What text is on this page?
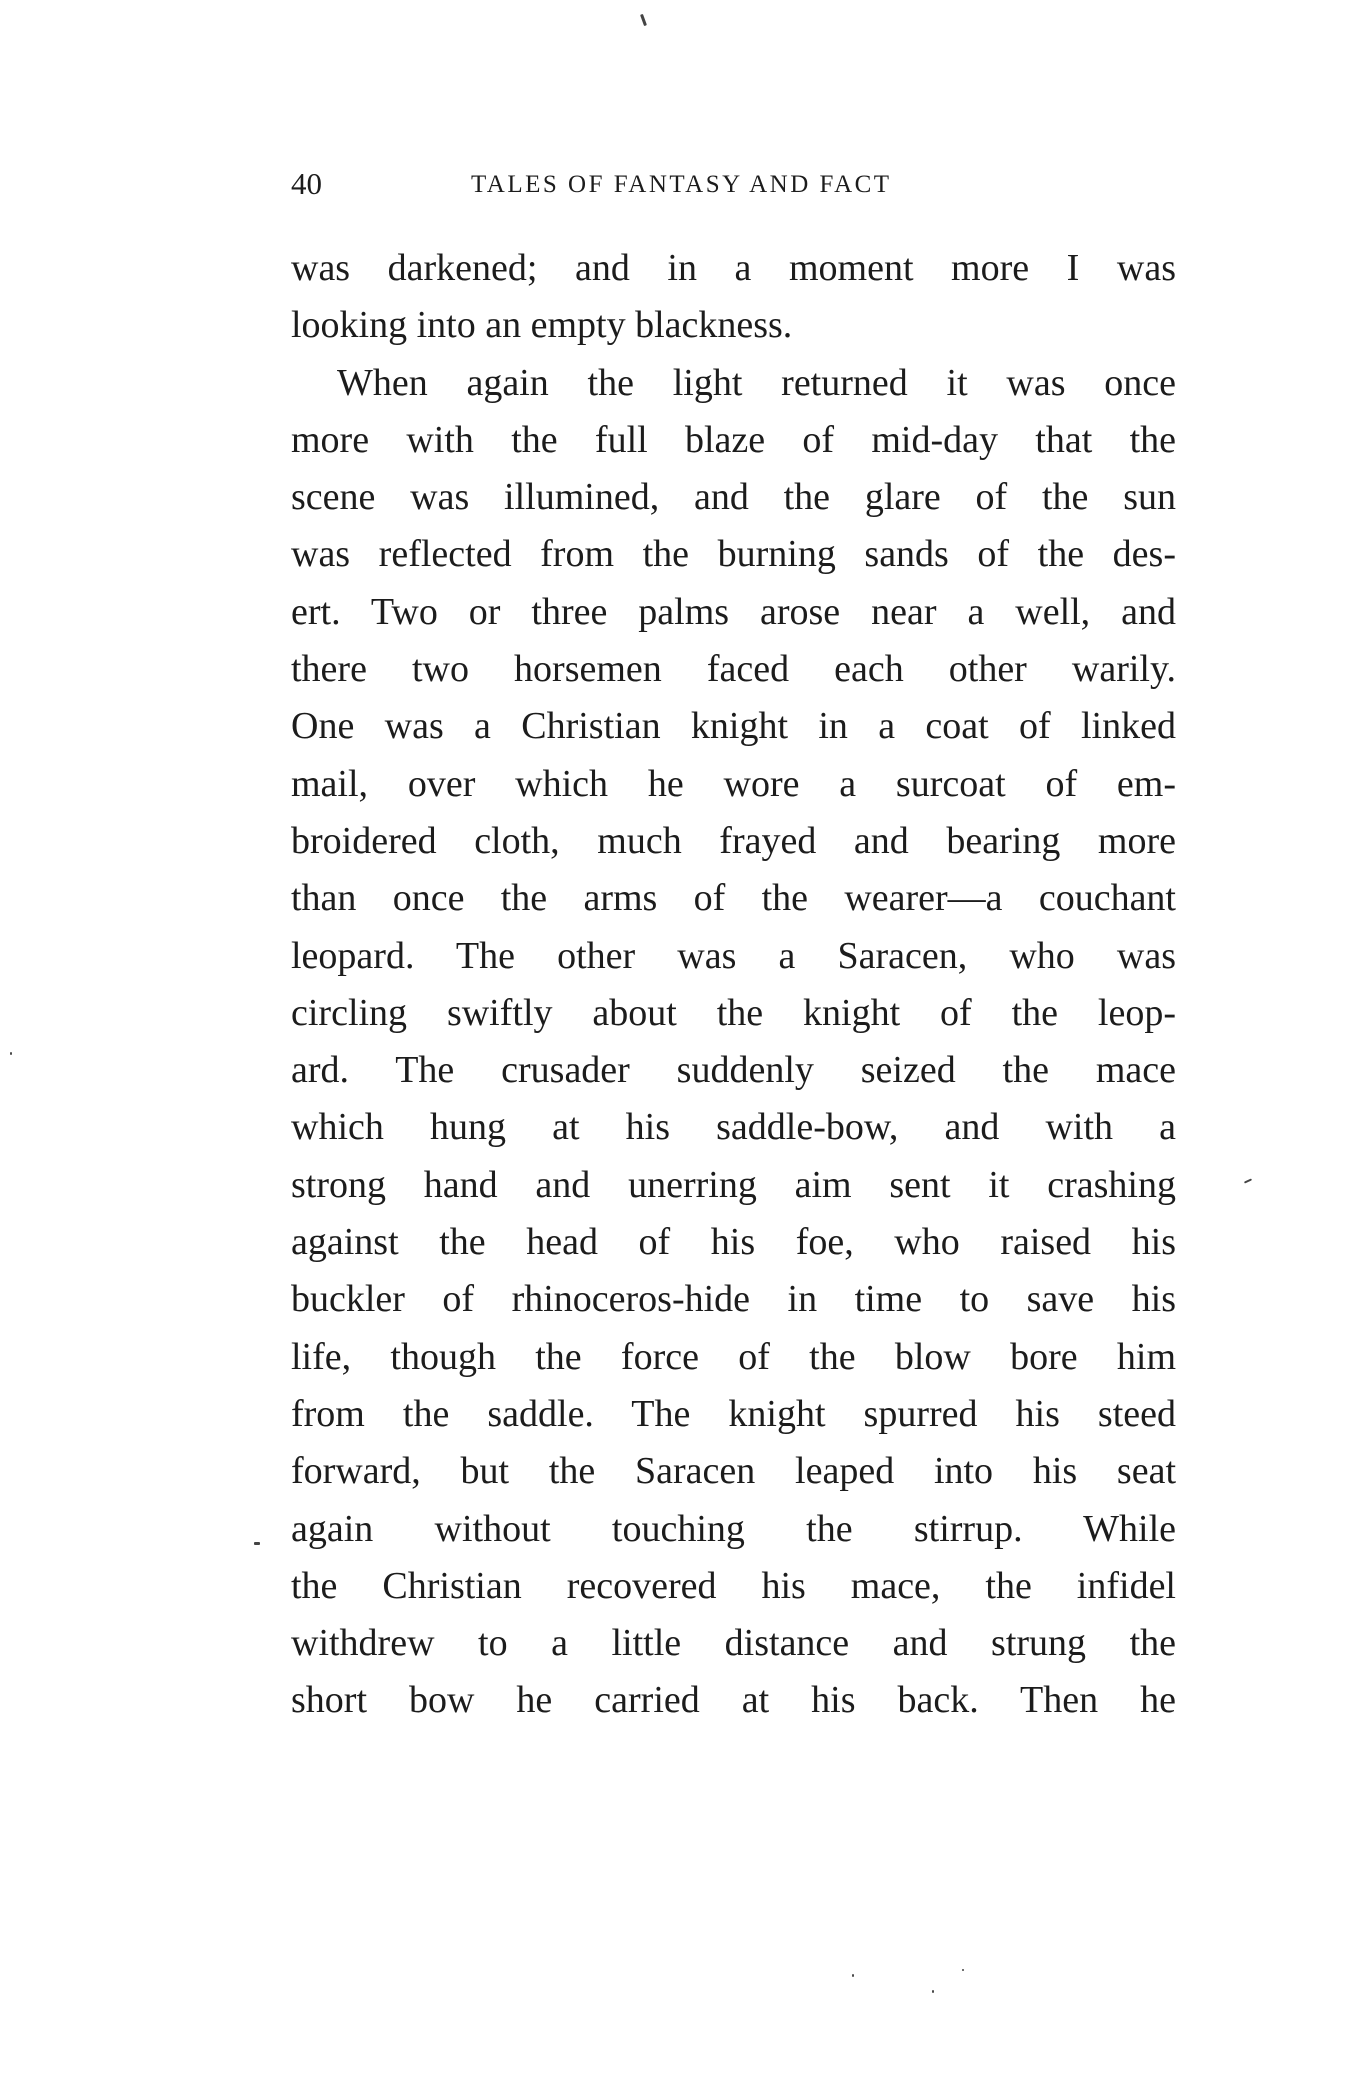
40	TALES OF FANTASY AND FACT
was darkened; and in a moment more I was
looking into an empty blackness.
When again the light returned it was once
more with the full blaze of mid-day that the
scene was illumined, and the glare of the sun
was reflected from the burning sands of the des-
ert. Two or three palms arose near a well, and
there two horsemen faced each other warily.
One was a Christian knight in a coat of linked
mail, over which he wore a surcoat of em-
broidered cloth, much frayed and bearing more
than once the arms of the wearer—a couchant
leopard. The other was a Saracen, who was
circling swiftly about the knight of the leop-
ard. The crusader suddenly seized the mace
which hung at his saddle-bow, and with a
strong hand and unerring aim sent it crashing
against the head of his foe, who raised his
buckler of rhinoceros-hide in time to save his
life, though the force of the blow bore him
from the saddle. The knight spurred his steed
forward, but the Saracen leaped into his seat
again without touching the stirrup. While
the Christian recovered his mace, the infidel
withdrew to a little distance and strung the
short bow he carried at his back. Then he
